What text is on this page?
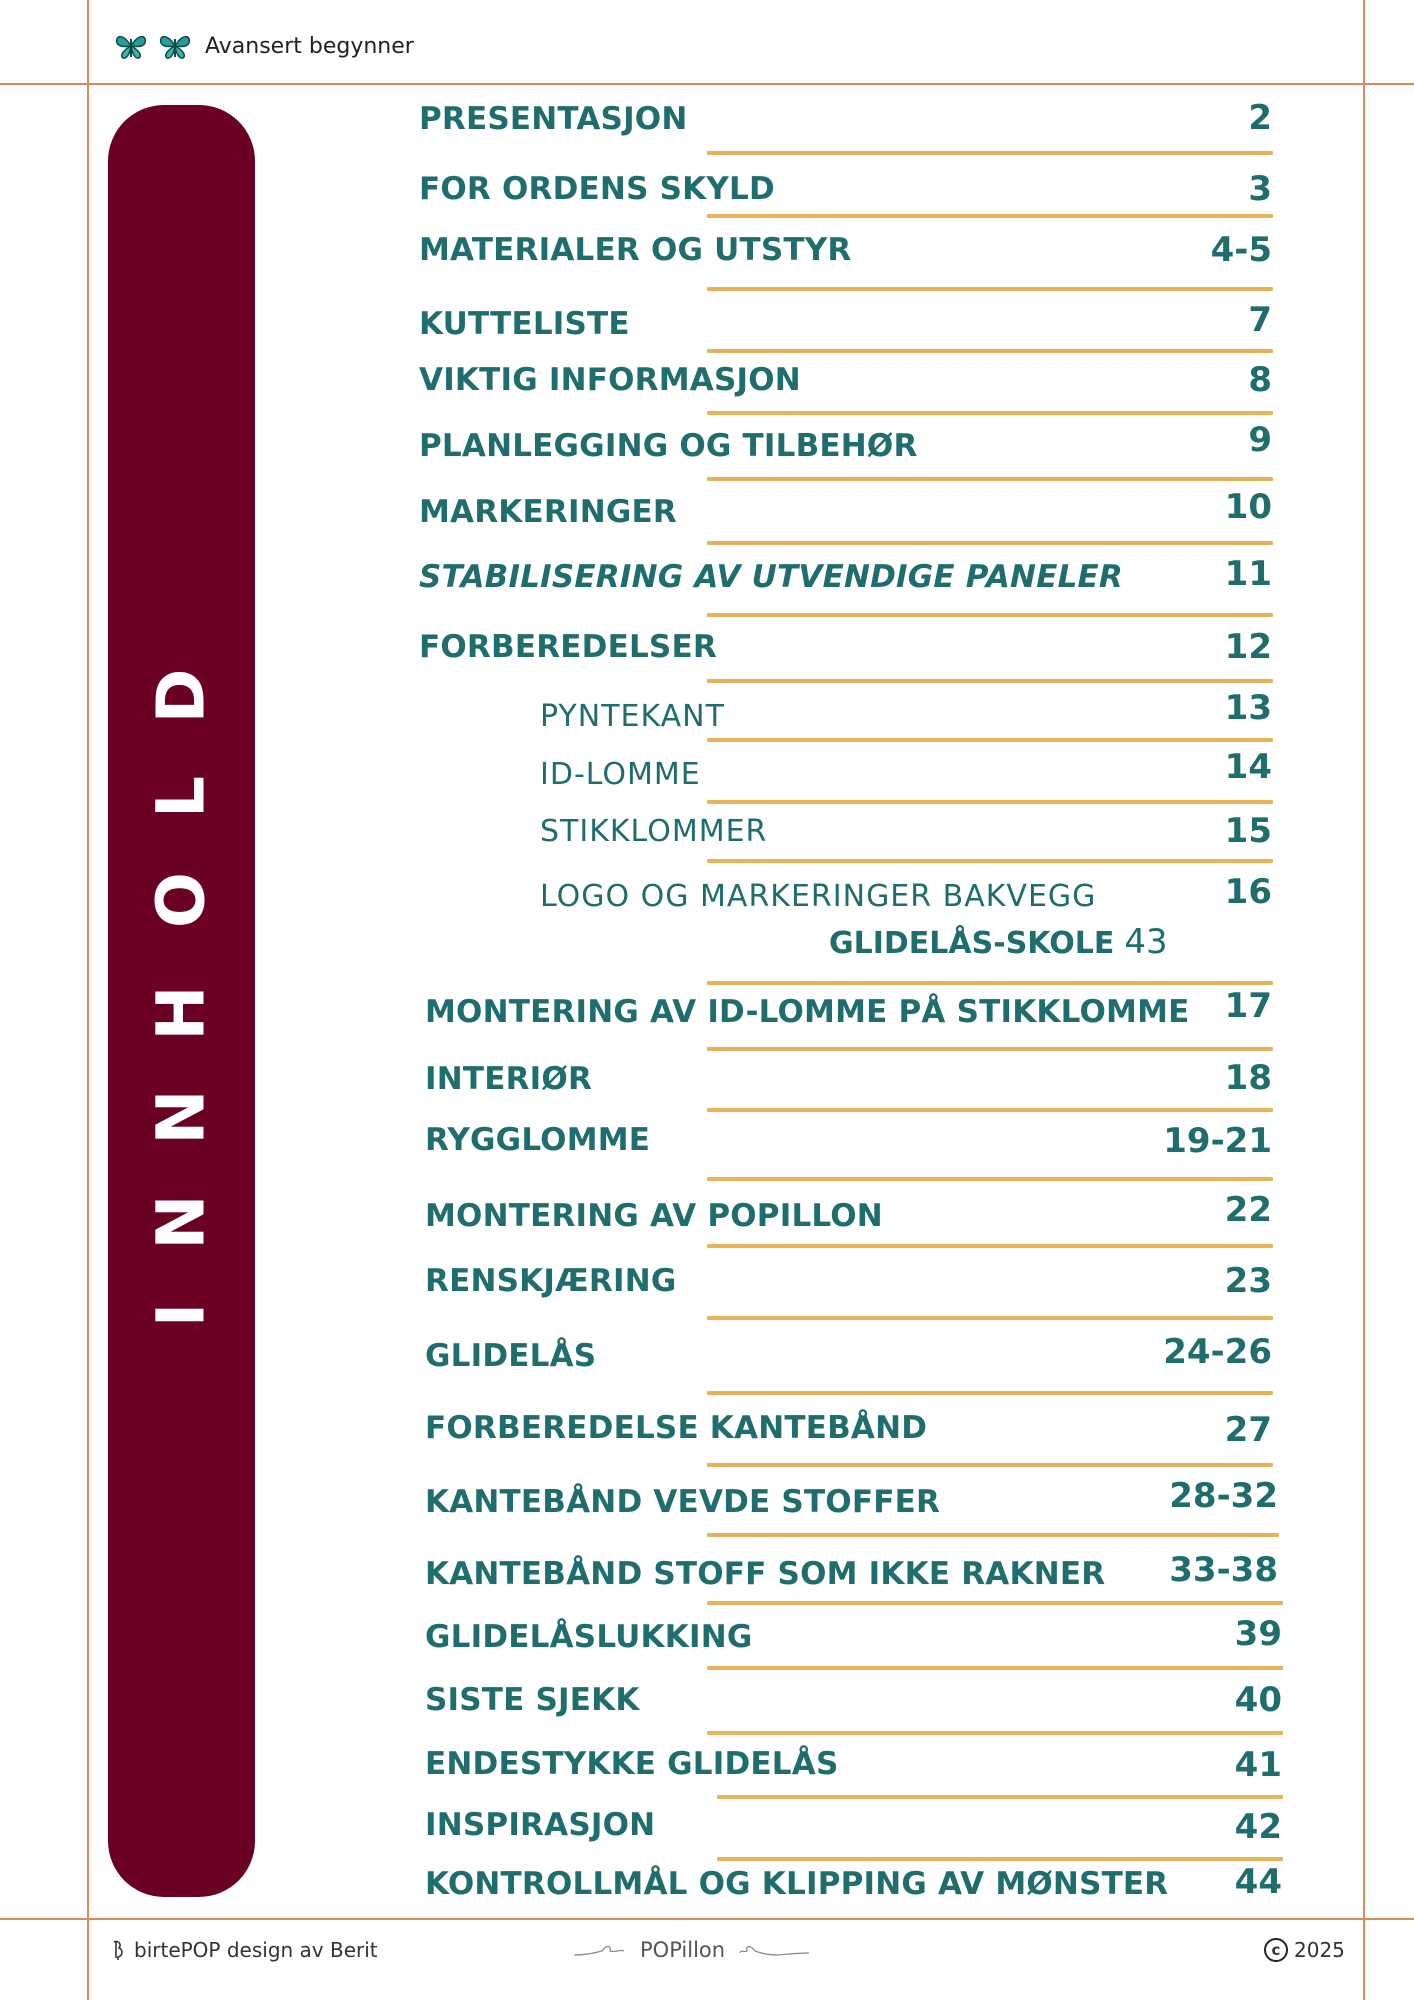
Avansert begynner
I
N
N
H
O
L
D
PRESENTASJON	2
FOR ORDENS SKYLD	3
MATERIALER OG UTSTYR	4-5
KUTTELISTE	7
VIKTIG INFORMASJON	8
PLANLEGGING OG TILBEHØR	9
MARKERINGER	10
STABILISERING AV UTVENDIGE PANELER	11
FORBEREDELSER	12
PYNTEKANT	13
ID-LOMME	14
STIKKLOMMER	15
LOGO OG MARKERINGER BAKVEGG	16
GLIDELÅS-SKOLE 43
MONTERING AV ID-LOMME PÅ STIKKLOMME 17
INTERIØR	18
RYGGLOMME	19-21
MONTERING AV POPILLON	22
RENSKJÆRING	23
GLIDELÅS	24-26
FORBEREDELSE KANTEBÅND	27
KANTEBÅND VEVDE STOFFER	28-32
KANTEBÅND STOFF SOM IKKE RAKNER 33-38
GLIDELÅSLUKKING	39
SISTE SJEKK	40
ENDESTYKKE GLIDELÅS	41
INSPIRASJON	42
KONTROLLMÅL OG KLIPPING AV MØNSTER 44
birtePOP design av Berit	POPillon	c 2025
